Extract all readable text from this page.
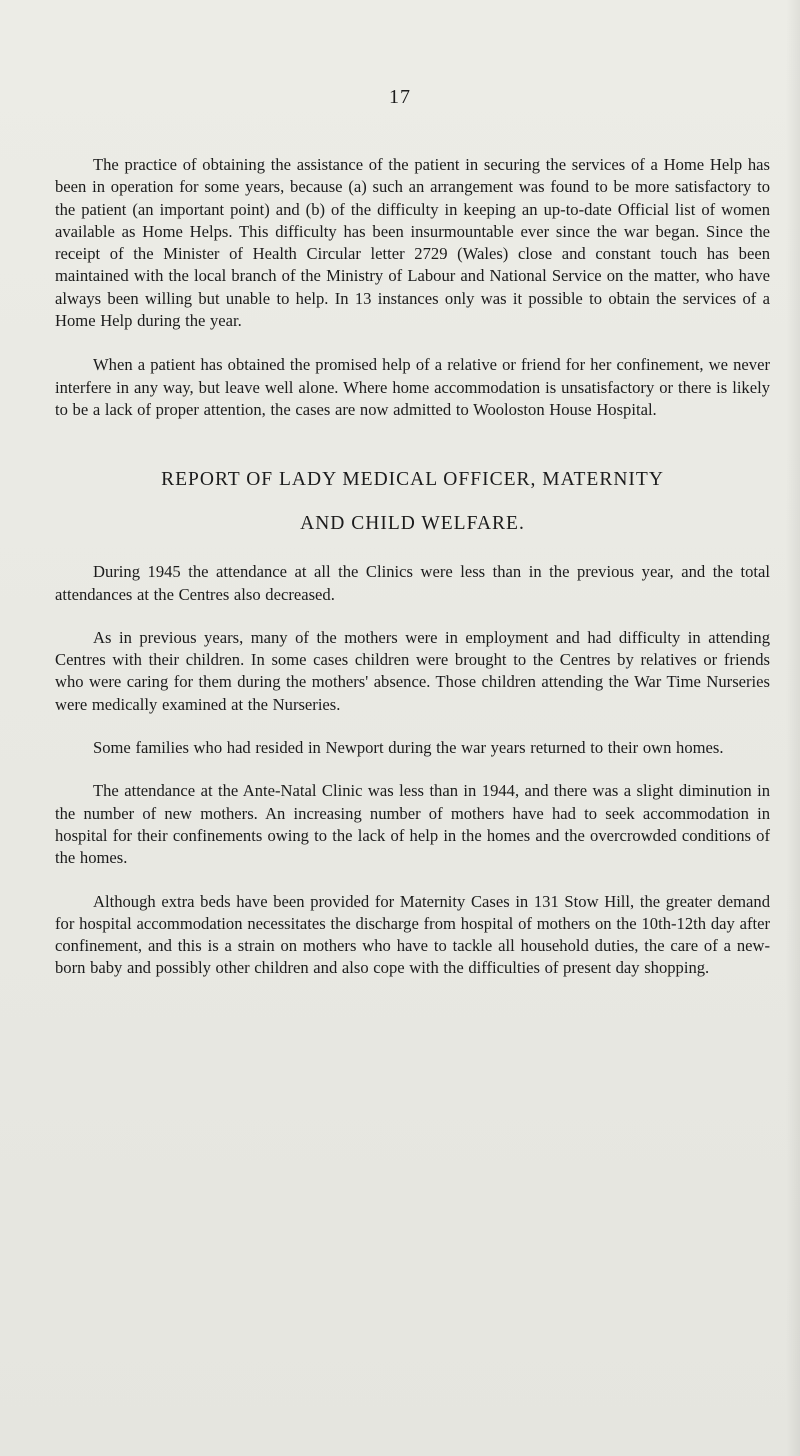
17

The practice of obtaining the assistance of the patient in securing the services of a Home Help has been in operation for some years, because (a) such an arrangement was found to be more satisfactory to the patient (an important point) and (b) of the difficulty in keeping an up-to-date Official list of women available as Home Helps. This difficulty has been insurmountable ever since the war began. Since the receipt of the Minister of Health Circular letter 2729 (Wales) close and constant touch has been maintained with the local branch of the Ministry of Labour and National Service on the matter, who have always been willing but unable to help. In 13 instances only was it possible to obtain the services of a Home Help during the year.

When a patient has obtained the promised help of a relative or friend for her confinement, we never interfere in any way, but leave well alone. Where home accommodation is unsatisfactory or there is likely to be a lack of proper attention, the cases are now admitted to Wooloston House Hospital.

REPORT OF LADY MEDICAL OFFICER, MATERNITY
AND CHILD WELFARE.

During 1945 the attendance at all the Clinics were less than in the previous year, and the total attendances at the Centres also decreased.

As in previous years, many of the mothers were in employment and had difficulty in attending Centres with their children. In some cases children were brought to the Centres by relatives or friends who were caring for them during the mothers' absence. Those children attending the War Time Nurseries were medically examined at the Nurseries.

Some families who had resided in Newport during the war years returned to their own homes.

The attendance at the Ante-Natal Clinic was less than in 1944, and there was a slight diminution in the number of new mothers. An increasing number of mothers have had to seek accommodation in hospital for their confinements owing to the lack of help in the homes and the overcrowded conditions of the homes.

Although extra beds have been provided for Maternity Cases in 131 Stow Hill, the greater demand for hospital accommodation necessitates the discharge from hospital of mothers on the 10th-12th day after confinement, and this is a strain on mothers who have to tackle all household duties, the care of a new-born baby and possibly other children and also cope with the difficulties of present day shopping.
